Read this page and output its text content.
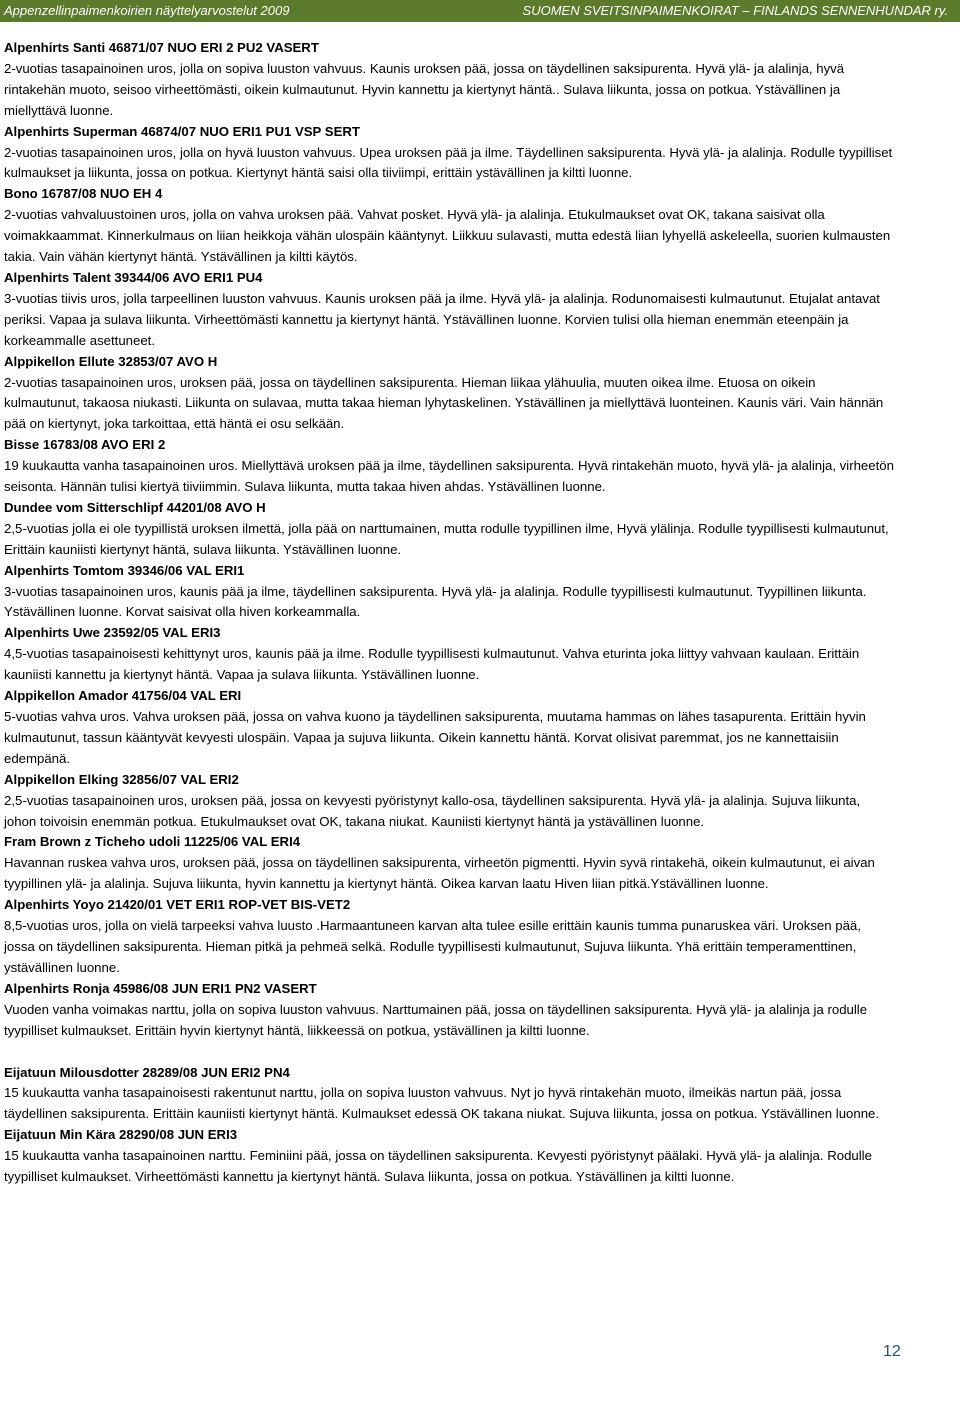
Appenzellinpaimenkoirien näyttelyarvostelut 2009	SUOMEN SVEITSINPAIMENKOIRAT – FINLANDS SENNENHUNDAR ry.

Alpenhirts Santi 46871/07 NUO ERI 2 PU2 VASERT

2-vuotias tasapainoinen uros, jolla on sopiva luuston vahvuus. Kaunis uroksen pää, jossa on täydellinen saksipurenta. Hyvä ylä- ja alalinja, hyvä rintakehän muoto, seisoo virheettömästi, oikein kulmautunut. Hyvin kannettu ja kiertynyt häntä.. Sulava liikunta, jossa on potkua. Ystävällinen ja miellyttävä luonne.

Alpenhirts Superman 46874/07 NUO ERI1 PU1 VSP SERT

2-vuotias tasapainoinen uros, jolla on hyvä luuston vahvuus. Upea uroksen pää ja ilme. Täydellinen saksipurenta. Hyvä ylä- ja alalinja. Rodulle tyypilliset kulmaukset ja liikunta, jossa on potkua. Kiertynyt häntä saisi olla tiiviimpi, erittäin ystävällinen ja kiltti luonne.

Bono 16787/08 NUO EH 4

2-vuotias vahvaluustoinen uros, jolla on vahva uroksen pää. Vahvat posket. Hyvä ylä- ja alalinja. Etukulmaukset ovat OK, takana saisivat olla voimakkaammat. Kinnerkulmaus on liian heikkoja vähän ulospäin kääntynyt. Liikkuu sulavasti, mutta edestä liian lyhyellä askeleella, suorien kulmausten takia. Vain vähän kiertynyt häntä. Ystävällinen ja kiltti käytös.

Alpenhirts Talent 39344/06 AVO ERI1 PU4

3-vuotias tiivis uros, jolla tarpeellinen luuston vahvuus. Kaunis uroksen pää ja ilme. Hyvä ylä- ja alalinja. Rodunomaisesti kulmautunut. Etujalat antavat periksi. Vapaa ja sulava liikunta. Virheettömästi kannettu ja kiertynyt häntä. Ystävällinen luonne. Korvien tulisi olla hieman enemmän eteenpäin ja korkeammalle asettuneet.

Alppikellon Ellute 32853/07 AVO H

2-vuotias tasapainoinen uros, uroksen pää, jossa on täydellinen saksipurenta. Hieman liikaa ylähuulia, muuten oikea ilme. Etuosa on oikein kulmautunut, takaosa niukasti. Liikunta on sulavaa, mutta takaa hieman lyhytaskelinen. Ystävällinen ja miellyttävä luonteinen. Kaunis väri. Vain hännän pää on kiertynyt, joka tarkoittaa, että häntä ei osu selkään.

Bisse 16783/08 AVO ERI 2

19 kuukautta vanha tasapainoinen uros. Miellyttävä uroksen pää ja ilme, täydellinen saksipurenta. Hyvä rintakehän muoto, hyvä ylä- ja alalinja, virheetön seisonta. Hännän tulisi kiertyä tiiviimmin. Sulava liikunta, mutta takaa hiven ahdas. Ystävällinen luonne.

Dundee vom Sitterschlipf 44201/08 AVO H

2,5-vuotias jolla ei ole tyypillistä uroksen ilmettä, jolla pää on narttumainen, mutta rodulle tyypillinen ilme, Hyvä ylälinja. Rodulle tyypillisesti kulmautunut, Erittäin kauniisti kiertynyt häntä, sulava liikunta. Ystävällinen luonne.

Alpenhirts Tomtom 39346/06 VAL ERI1

3-vuotias tasapainoinen uros, kaunis pää ja ilme, täydellinen saksipurenta. Hyvä ylä- ja alalinja. Rodulle tyypillisesti kulmautunut. Tyypillinen liikunta. Ystävällinen luonne. Korvat saisivat olla hiven korkeammalla.

Alpenhirts Uwe 23592/05 VAL ERI3

4,5-vuotias tasapainoisesti kehittynyt uros, kaunis pää ja ilme. Rodulle tyypillisesti kulmautunut. Vahva eturinta joka liittyy vahvaan kaulaan. Erittäin kauniisti kannettu ja kiertynyt häntä. Vapaa ja sulava liikunta. Ystävällinen luonne.

Alppikellon Amador 41756/04 VAL ERI

5-vuotias vahva uros. Vahva uroksen pää, jossa on vahva kuono ja täydellinen saksipurenta, muutama hammas on lähes tasapurenta. Erittäin hyvin kulmautunut, tassun kääntyvät kevyesti ulospäin. Vapaa ja sujuva liikunta. Oikein kannettu häntä. Korvat olisivat paremmat, jos ne kannettaisiin edempänä.

Alppikellon Elking 32856/07 VAL ERI2

2,5-vuotias tasapainoinen uros, uroksen pää, jossa on kevyesti pyöristynyt kallo-osa, täydellinen saksipurenta. Hyvä ylä- ja alalinja. Sujuva liikunta, johon toivoisin enemmän potkua. Etukulmaukset ovat OK, takana niukat. Kauniisti kiertynyt häntä ja ystävällinen luonne.

Fram Brown z Ticheho udoli 11225/06 VAL ERI4

Havannan ruskea vahva uros, uroksen pää, jossa on täydellinen saksipurenta, virheetön pigmentti. Hyvin syvä rintakehä, oikein kulmautunut, ei aivan tyypillinen ylä- ja alalinja. Sujuva liikunta, hyvin kannettu ja kiertynyt häntä. Oikea karvan laatu Hiven liian pitkä.Ystävällinen luonne.

Alpenhirts Yoyo 21420/01 VET ERI1 ROP-VET BIS-VET2

8,5-vuotias uros, jolla on vielä tarpeeksi vahva luusto .Harmaantuneen karvan alta tulee esille erittäin kaunis tumma punaruskea väri. Uroksen pää, jossa on täydellinen saksipurenta. Hieman pitkä ja pehmeä selkä. Rodulle tyypillisesti kulmautunut, Sujuva liikunta. Yhä erittäin temperamenttinen, ystävällinen luonne.

Alpenhirts Ronja 45986/08 JUN ERI1 PN2 VASERT

Vuoden vanha voimakas narttu, jolla on sopiva luuston vahvuus. Narttumainen pää, jossa on täydellinen saksipurenta. Hyvä ylä- ja alalinja ja rodulle tyypilliset kulmaukset. Erittäin hyvin kiertynyt häntä, liikkeessä on potkua, ystävällinen ja kiltti luonne.

Eijatuun Milousdotter 28289/08 JUN ERI2 PN4

15 kuukautta vanha tasapainoisesti rakentunut narttu, jolla on sopiva luuston vahvuus. Nyt jo hyvä rintakehän muoto, ilmeikäs nartun pää, jossa täydellinen saksipurenta. Erittäin kauniisti kiertynyt häntä. Kulmaukset edessä OK takana niukat. Sujuva liikunta, jossa on potkua. Ystävällinen luonne.

Eijatuun Min Kära 28290/08 JUN ERI3

15 kuukautta vanha tasapainoinen narttu. Feminiini pää, jossa on täydellinen saksipurenta. Kevyesti pyöristynyt päälaki. Hyvä ylä- ja alalinja. Rodulle tyypilliset kulmaukset. Virheettömästi kannettu ja kiertynyt häntä. Sulava liikunta, jossa on potkua. Ystävällinen ja kiltti luonne.

12
